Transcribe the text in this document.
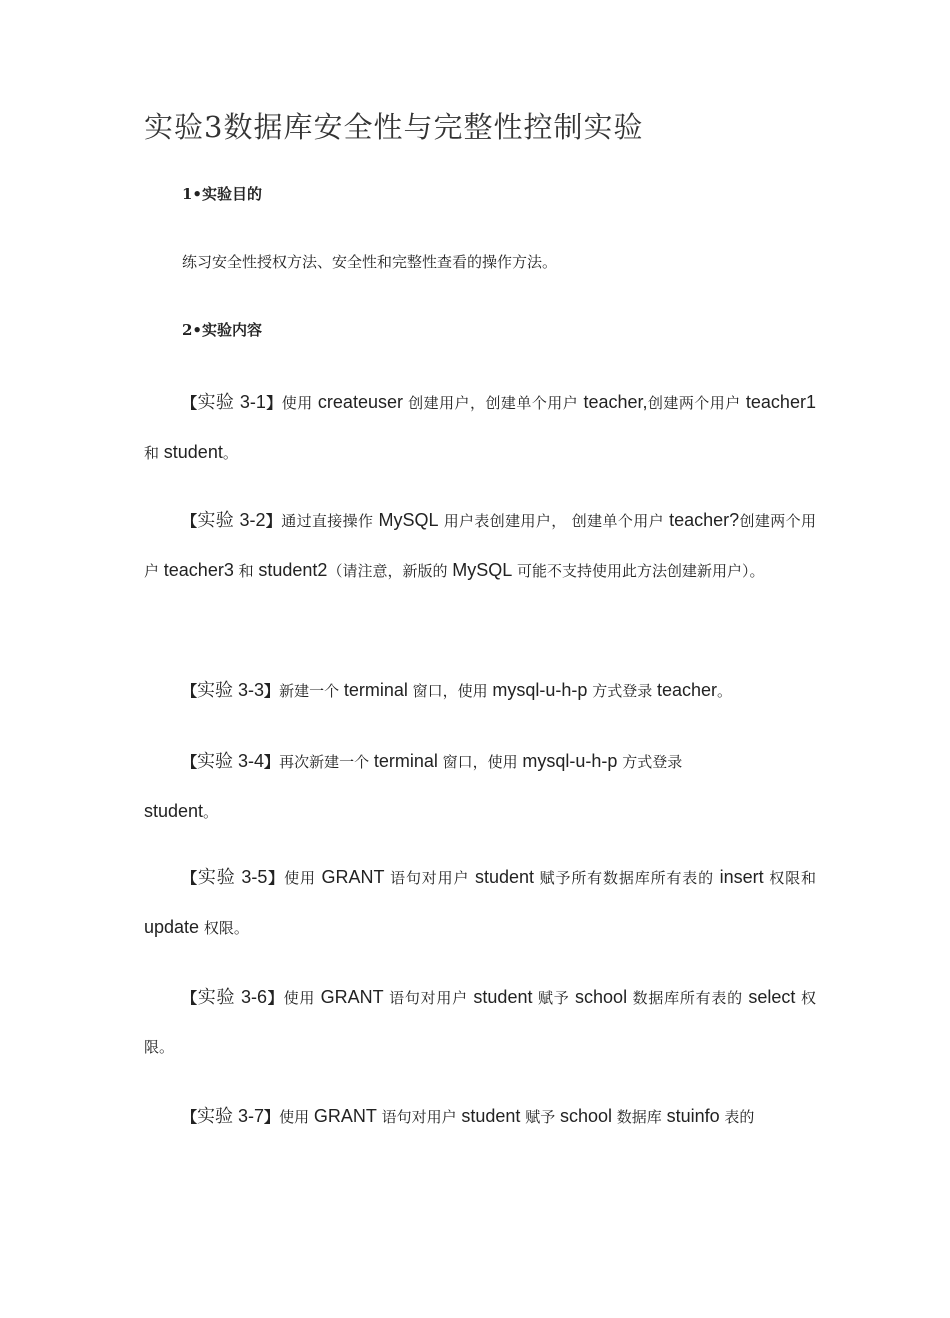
实验3数据库安全性与完整性控制实验

1•实验目的

练习安全性授权方法、安全性和完整性查看的操作方法。

2•实验内容

【实验 3-1】使用 createuser 创建用户，创建单个用户 teacher,创建两个用户 teacher1 和 student。

【实验 3-2】通过直接操作 MySQL 用户表创建用户， 创建单个用户 teacher?创建两个用户 teacher3 和 student2（请注意，新版的 MySQL 可能不支持使用此方法创建新用户）。

【实验 3-3】新建一个 terminal 窗口，使用 mysql-u-h-p 方式登录 teacher。

【实验 3-4】再次新建一个 terminal 窗口，使用 mysql-u-h-p 方式登录
student。

【实验 3-5】使用 GRANT 语句对用户 student 赋予所有数据库所有表的 insert 权限和 update 权限。

【实验 3-6】使用 GRANT 语句对用户 student 赋予 school 数据库所有表的 select 权限。

【实验 3-7】使用 GRANT 语句对用户 student 赋予 school 数据库 stuinfo 表的
